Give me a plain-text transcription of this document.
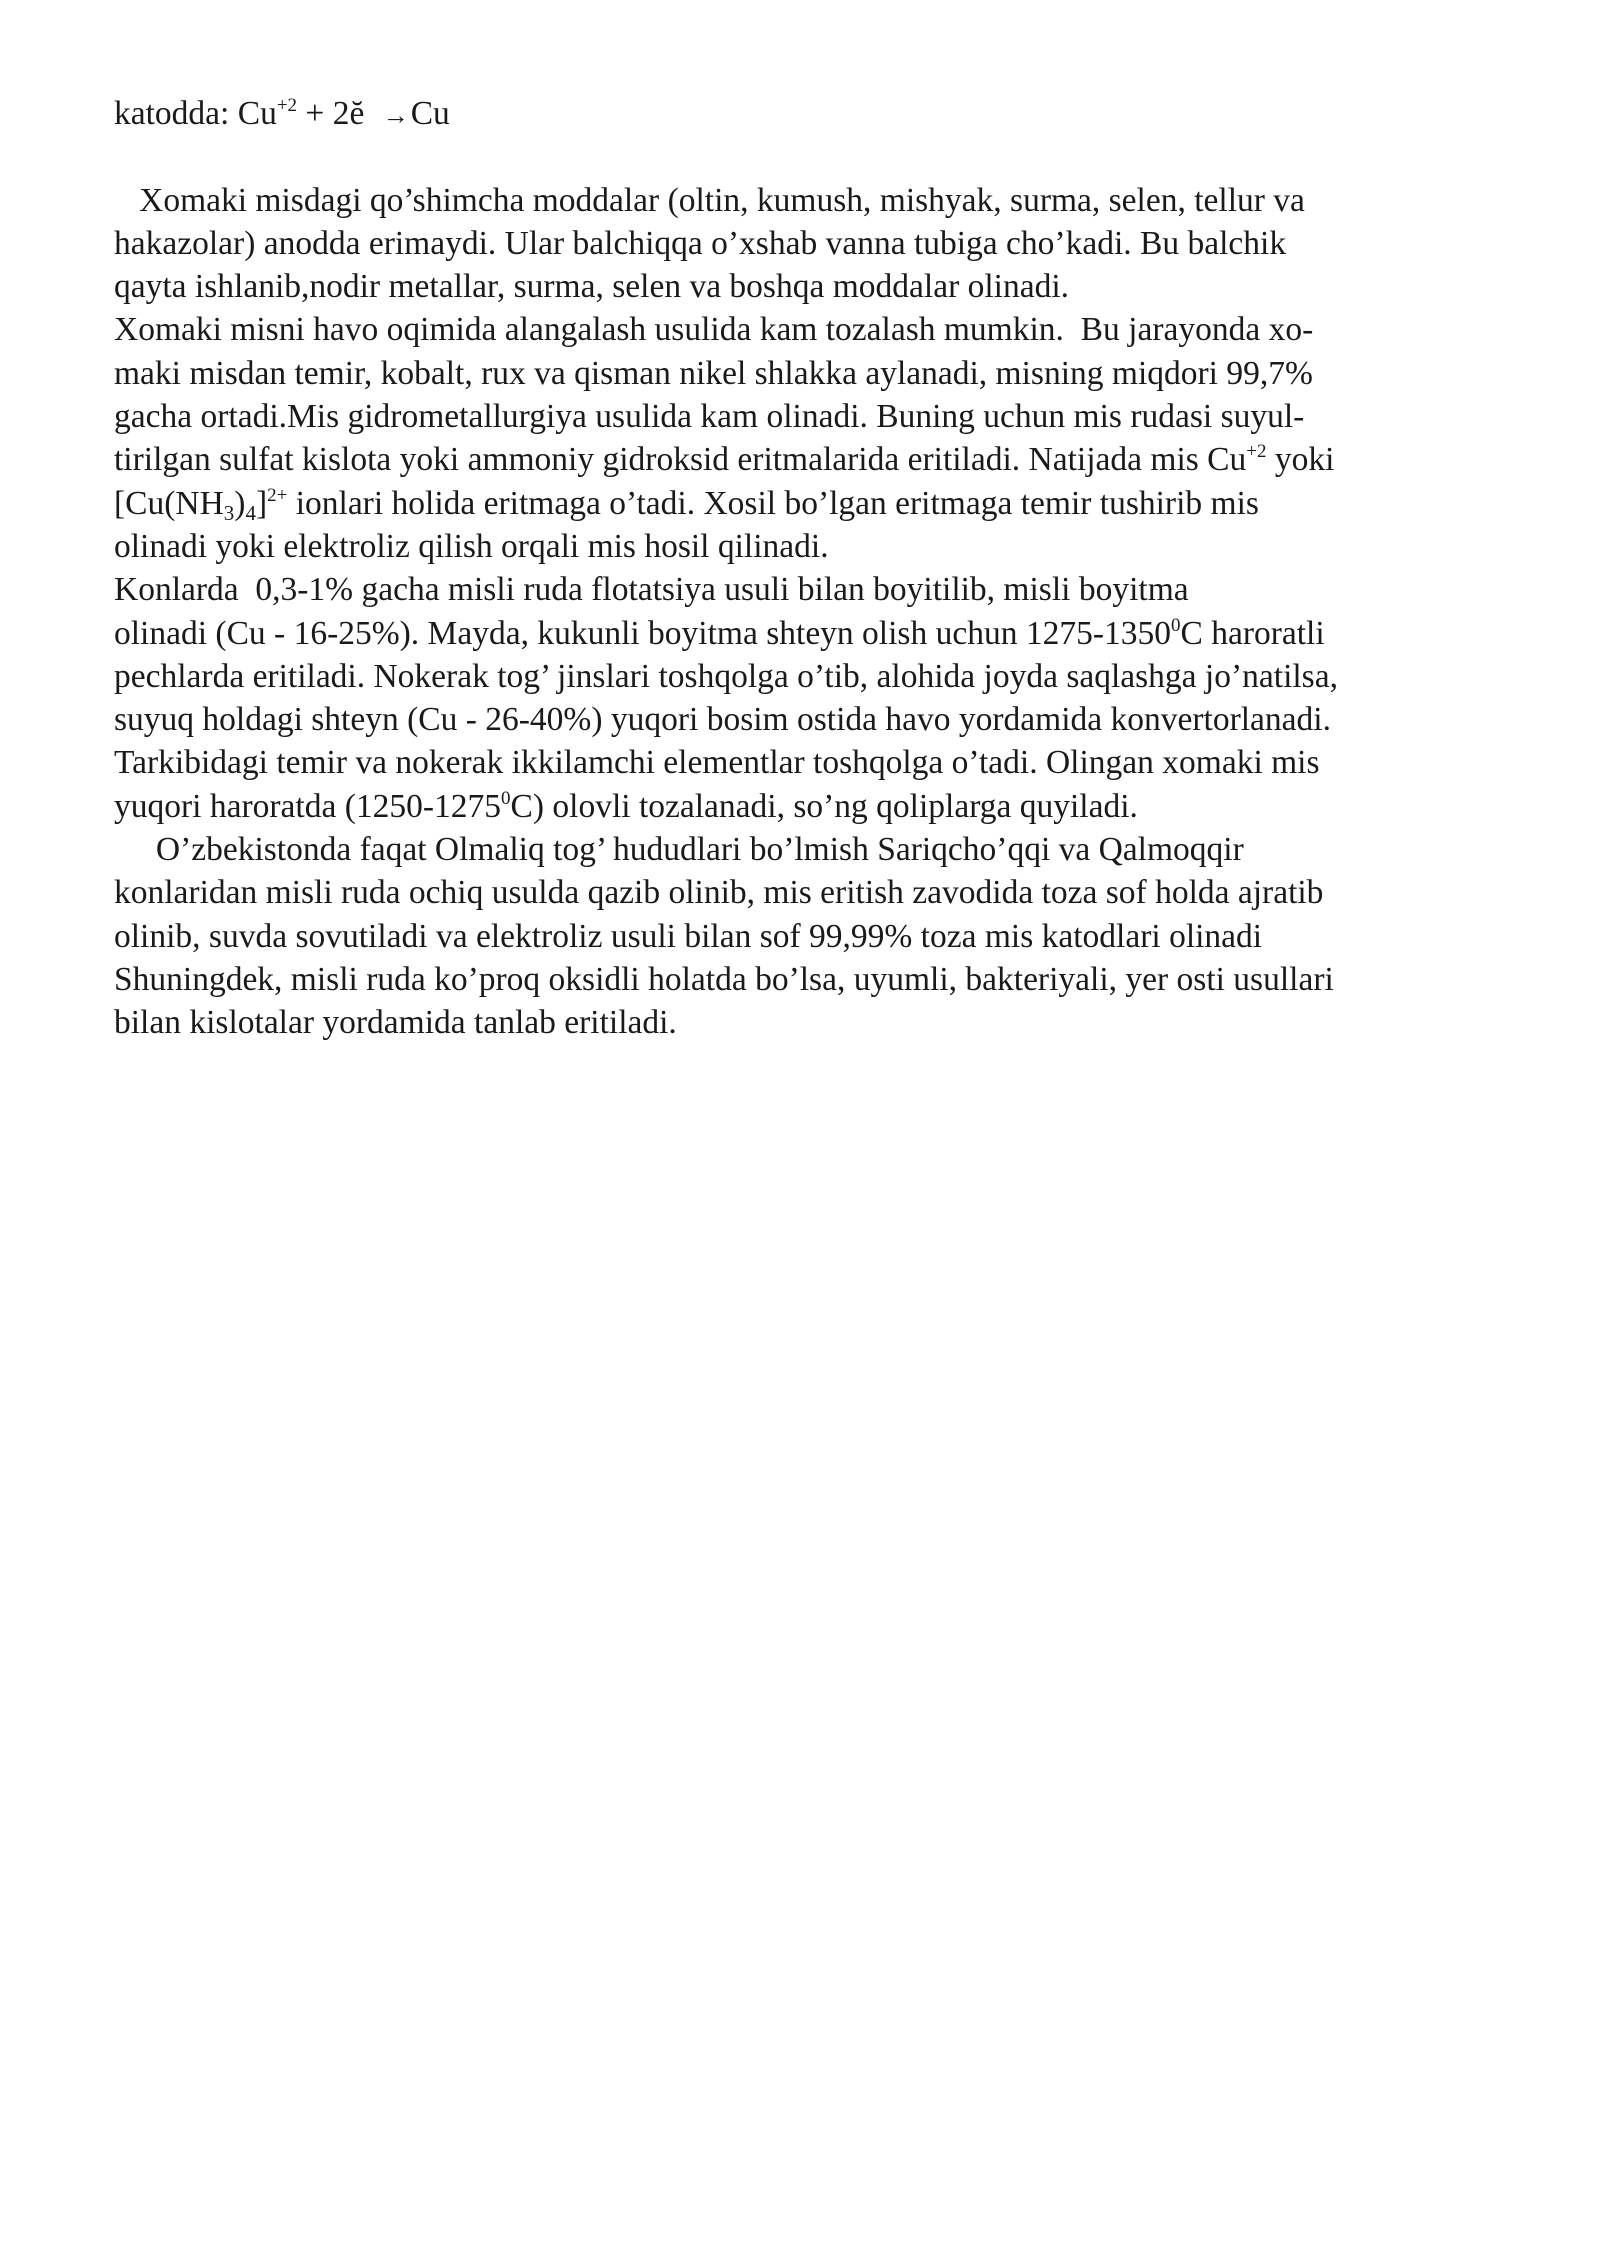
katodda: $Cu^{+2}$ + 2ĕ →Cu
Xomaki misdagi qo’shimcha moddalar (oltin, kumush, mishyak, surma, selen, tellur va
hakazolar) anodda erimaydi. Ular balchiqqa o’xshab vanna tubiga cho’kadi. Bu balchik
qayta ishlanib,nodir metallar, surma, selen va boshqa moddalar olinadi.
Xomaki misni havo oqimida alangalash usulida kam tozalash mumkin.  Bu jarayonda xo-
maki misdan temir, kobalt, rux va qisman nikel shlakka aylanadi, misning miqdori 99,7%
gacha ortadi.Mis gidrometallurgiya usulida kam olinadi. Buning uchun mis rudasi suyul-
tirilgan sulfat kislota yoki ammoniy gidroksid eritmalarida eritiladi. Natijada mis $Cu^{+2}$ yoki
$[Cu(NH_3)_4]^{2+}$ ionlari holida eritmaga o’tadi. Xosil bo’lgan eritmaga temir tushirib mis
olinadi yoki elektroliz qilish orqali mis hosil qilinadi.
Konlarda  0,3-1% gacha misli ruda flotatsiya usuli bilan boyitilib, misli boyitma
olinadi (Cu - 16-25%). Mayda, kukunli boyitma shteyn olish uchun 1275-1350$^0$C haroratli
pechlarda eritiladi. Nokerak tog’ jinslari toshqolga o’tib, alohida joyda saqlashga jo’natilsa,
suyuq holdagi shteyn (Cu - 26-40%) yuqori bosim ostida havo yordamida konvertorlanadi.
Tarkibidagi temir va nokerak ikkilamchi elementlar toshqolga o’tadi. Olingan xomaki mis
yuqori haroratda (1250-1275$^0$C) olovli tozalanadi, so’ng qoliplarga quyiladi.
O’zbekistonda faqat Olmaliq tog’ hududlari bo’lmish Sariqcho’qqi va Qalmoqqir
konlaridan misli ruda ochiq usulda qazib olinib, mis eritish zavodida toza sof holda ajratib
olinib, suvda sovutiladi va elektroliz usuli bilan sof 99,99% toza mis katodlari olinadi
Shuningdek, misli ruda ko’proq oksidli holatda bo’lsa, uyumli, bakteriyali, yer osti usullari
bilan kislotalar yordamida tanlab eritiladi.
